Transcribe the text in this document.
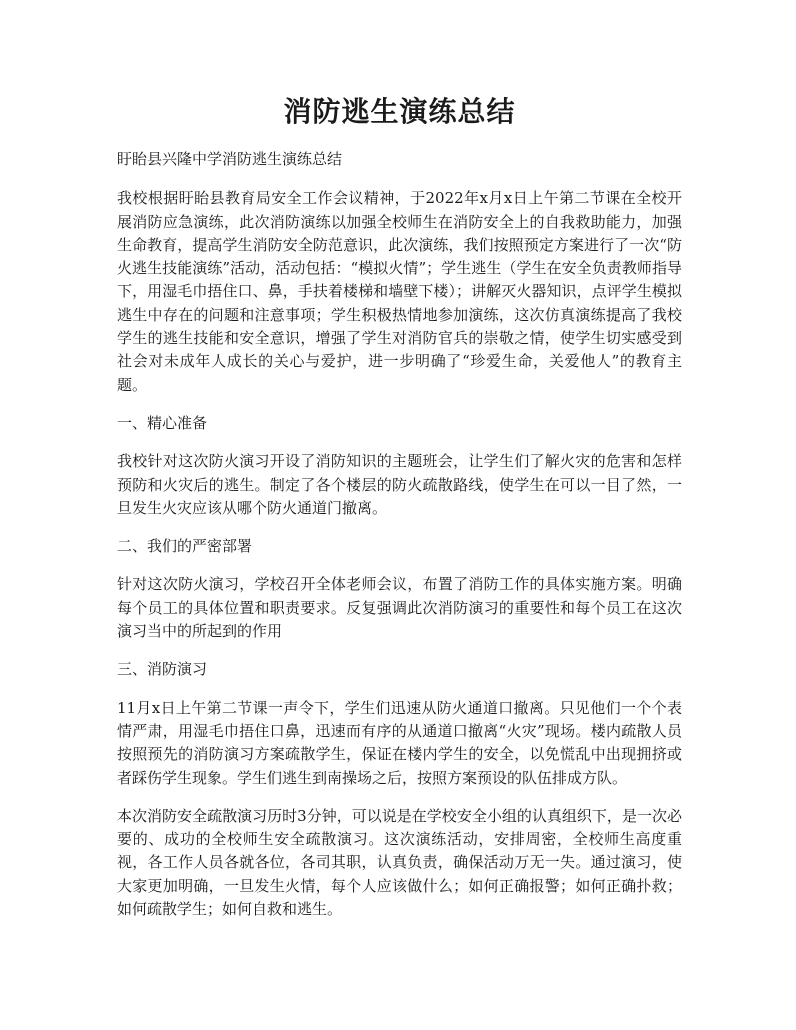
消防逃生演练总结

盱眙县兴隆中学消防逃生演练总结

我校根据盱眙县教育局安全工作会议精神，于2022年x月x日上午第二节课在全校开展消防应急演练，此次消防演练以加强全校师生在消防安全上的自我救助能力，加强生命教育，提高学生消防安全防范意识，此次演练，我们按照预定方案进行了一次“防火逃生技能演练”活动，活动包括：“模拟火情”；学生逃生（学生在安全负责教师指导下，用湿毛巾捂住口、鼻，手扶着楼梯和墙壁下楼）；讲解灭火器知识，点评学生模拟逃生中存在的问题和注意事项；学生积极热情地参加演练，这次仿真演练提高了我校学生的逃生技能和安全意识，增强了学生对消防官兵的崇敬之情，使学生切实感受到社会对未成年人成长的关心与爱护，进一步明确了“珍爱生命，关爱他人”的教育主题。

一、精心准备

我校针对这次防火演习开设了消防知识的主题班会，让学生们了解火灾的危害和怎样预防和火灾后的逃生。制定了各个楼层的防火疏散路线，使学生在可以一目了然，一旦发生火灾应该从哪个防火通道门撤离。

二、我们的严密部署

针对这次防火演习，学校召开全体老师会议，布置了消防工作的具体实施方案。明确每个员工的具体位置和职责要求。反复强调此次消防演习的重要性和每个员工在这次演习当中的所起到的作用

三、消防演习

11月x日上午第二节课一声令下，学生们迅速从防火通道口撤离。只见他们一个个表情严肃，用湿毛巾捂住口鼻，迅速而有序的从通道口撤离“火灾”现场。楼内疏散人员按照预先的消防演习方案疏散学生，保证在楼内学生的安全，以免慌乱中出现拥挤或者踩伤学生现象。学生们逃生到南操场之后，按照方案预设的队伍排成方队。

本次消防安全疏散演习历时3分钟，可以说是在学校安全小组的认真组织下，是一次必要的、成功的全校师生安全疏散演习。这次演练活动，安排周密，全校师生高度重视，各工作人员各就各位，各司其职，认真负责，确保活动万无一失。通过演习，使大家更加明确，一旦发生火情，每个人应该做什么；如何正确报警；如何正确扑救；如何疏散学生；如何自救和逃生。
